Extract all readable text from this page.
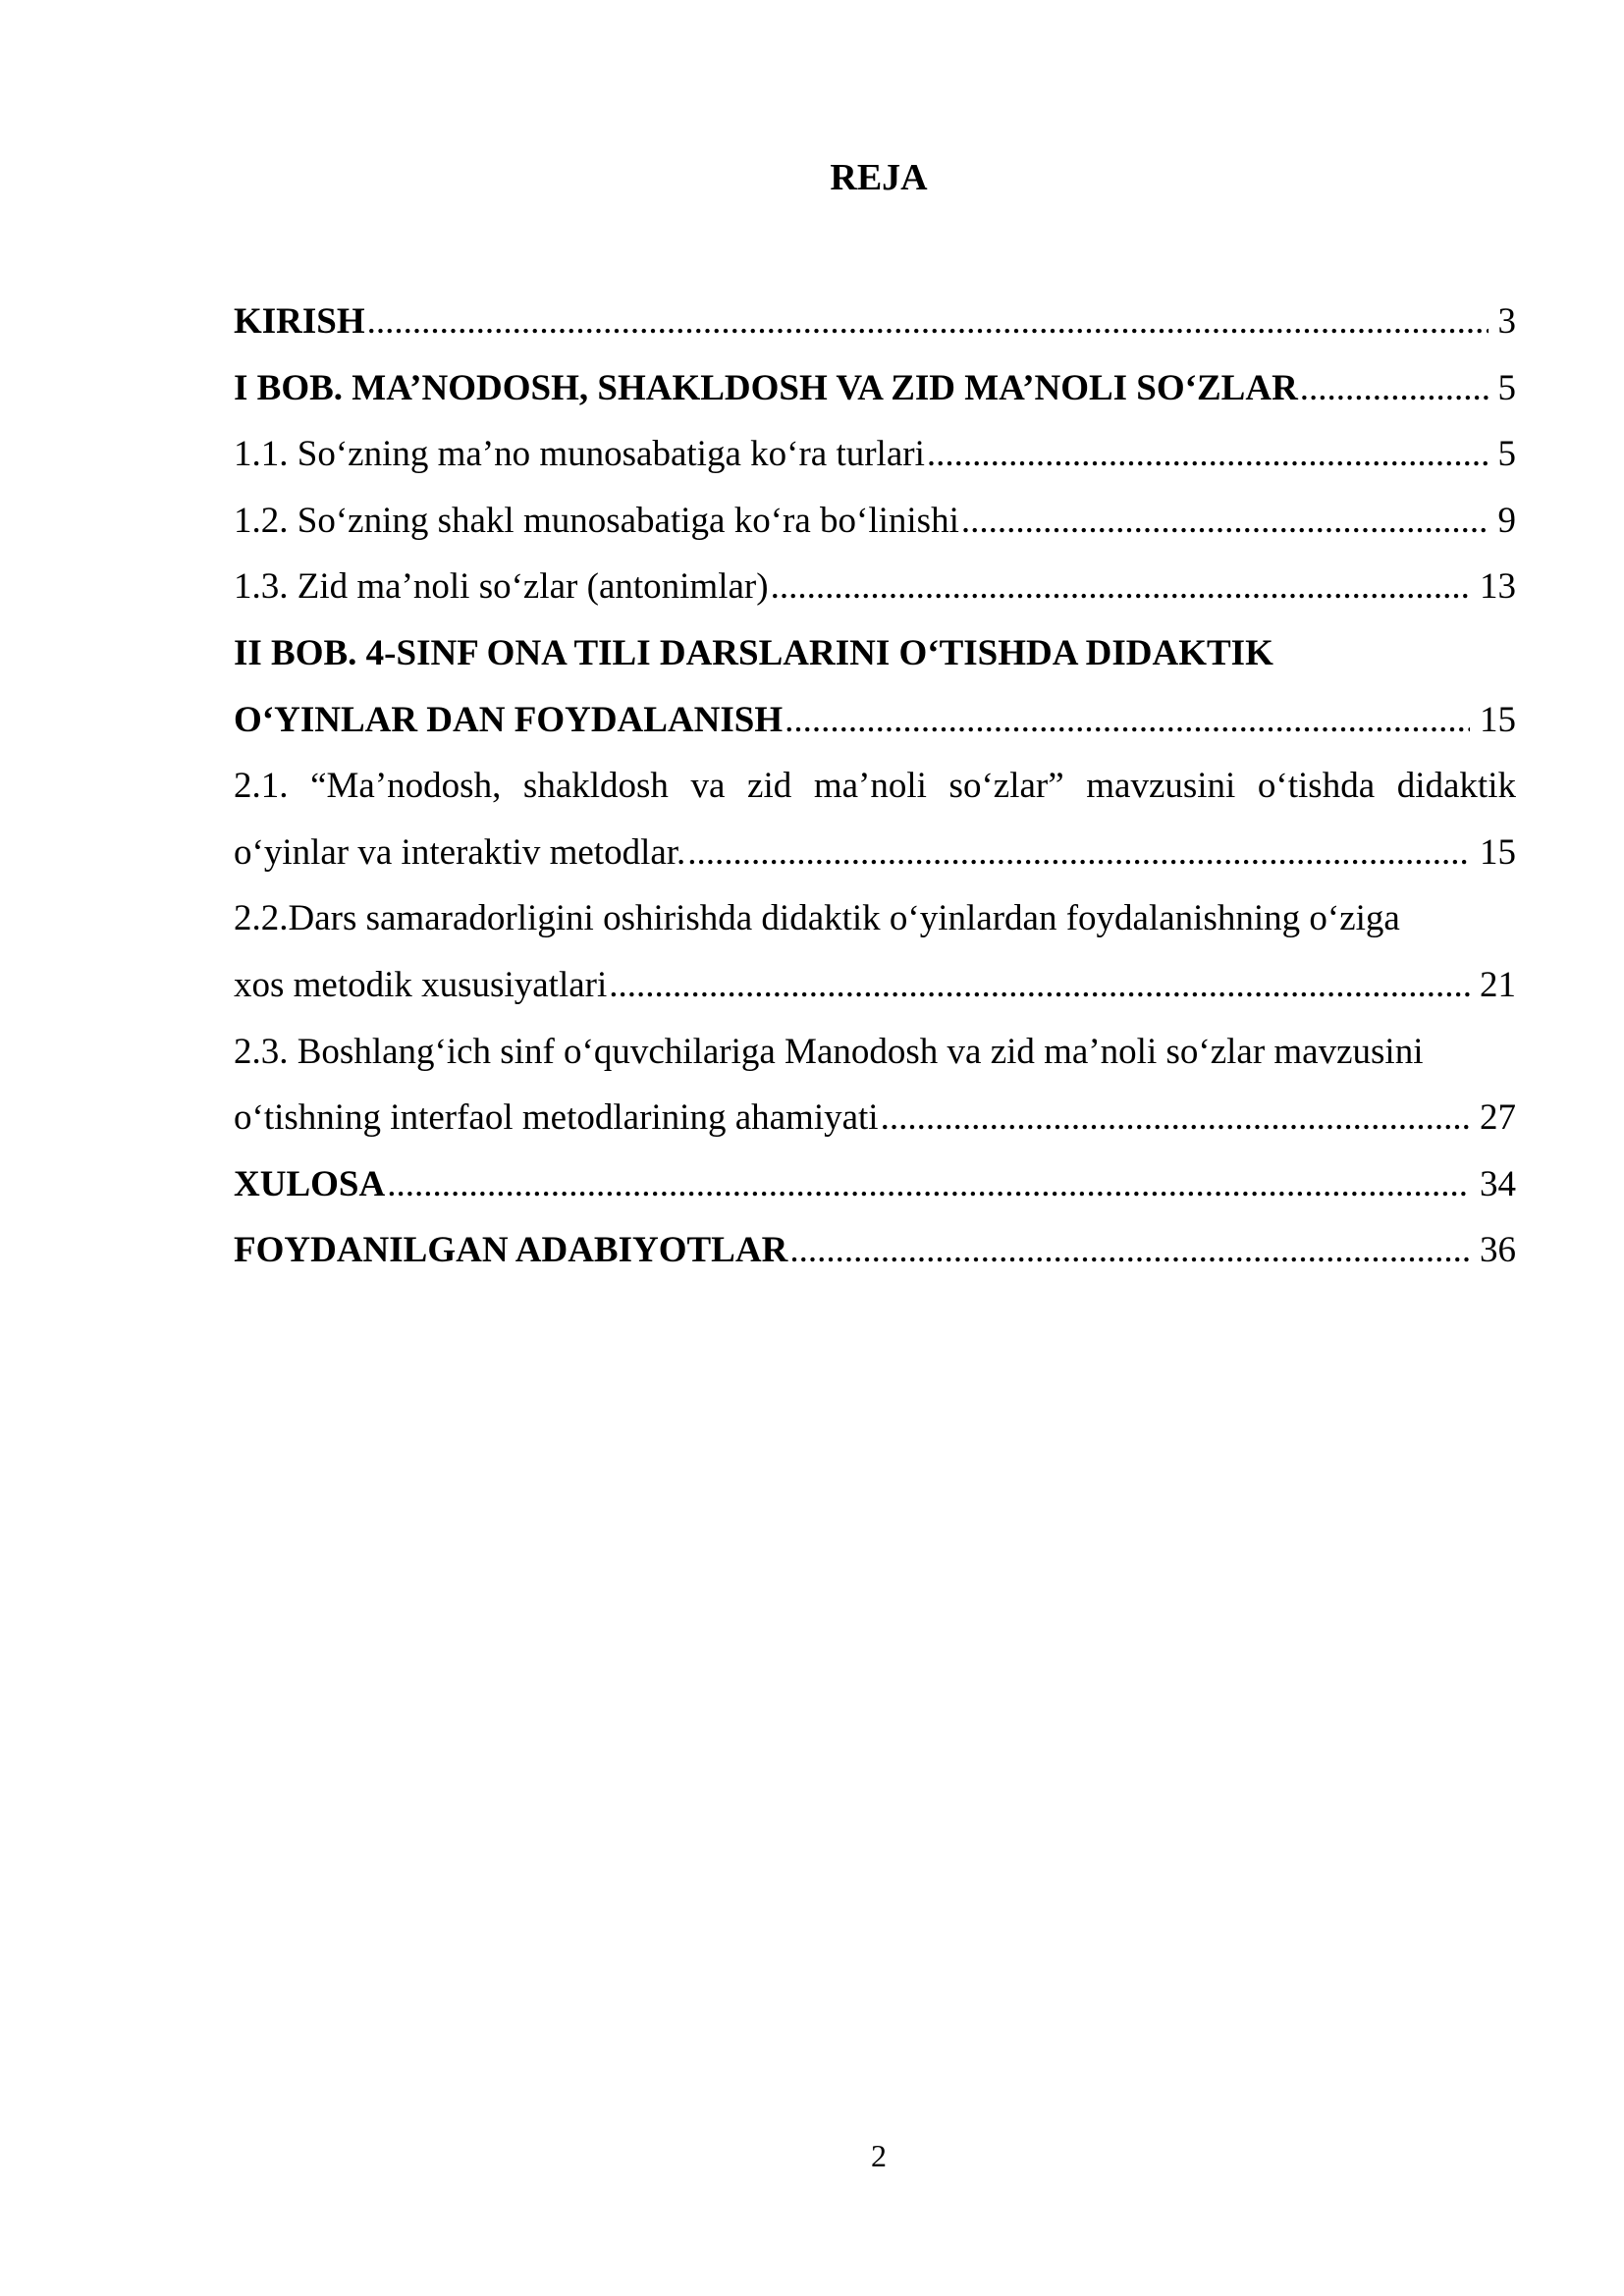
REJA
KIRISH .....	3
I BOB. MA’NODOSH, SHAKLDOSH VA ZID MA’NOLI SO‘ZLAR .....	5
1.1. So‘zning ma’no munosabatiga ko‘ra turlari .....	5
1.2. So‘zning shakl munosabatiga ko‘ra bo‘linishi .....	9
1.3. Zid ma’noli so‘zlar (antonimlar) .....	13
II BOB. 4-SINF ONA TILI DARSLARINI O‘TISHDA DIDAKTIK
O‘YINLAR DAN FOYDALANISH .....	15
2.1. “Ma’nodosh, shakldosh va zid ma’noli so‘zlar” mavzusini o‘tishda didaktik
o‘yinlar va interaktiv metodlar. .....	15
2.2.Dars samaradorligini oshirishda didaktik o‘yinlardan foydalanishning o‘ziga
xos metodik xususiyatlari .....	21
2.3. Boshlang‘ich sinf o‘quvchilariga Manodosh va zid ma’noli so‘zlar mavzusini
o‘tishning interfaol metodlarining ahamiyati .....	27
XULOSA .....	34
FOYDANILGAN ADABIYOTLAR .....	36
2
